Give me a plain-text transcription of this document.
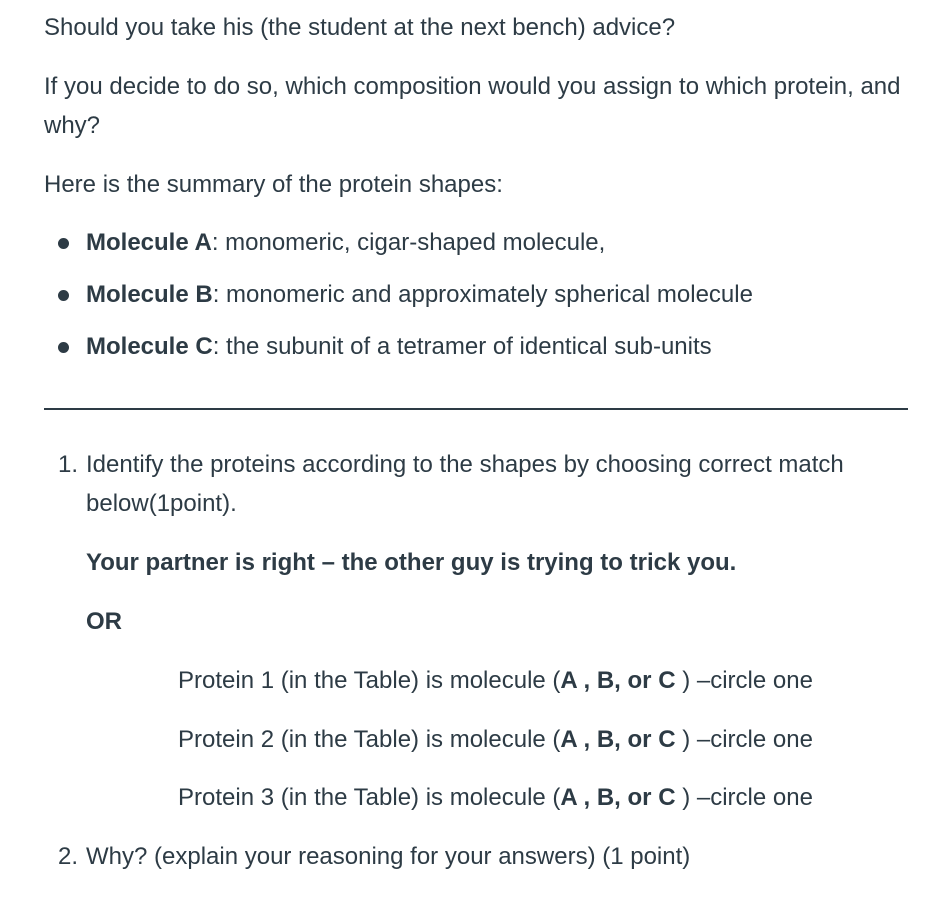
Should you take his (the student at the next bench) advice?

If you decide to do so, which composition would you assign to which protein, and why?

Here is the summary of the protein shapes:

Molecule A: monomeric, cigar-shaped molecule,
Molecule B: monomeric and approximately spherical molecule
Molecule C: the subunit of a tetramer of identical sub-units
1. Identify the proteins according to the shapes by choosing correct match below(1point).

Your partner is right – the other guy is trying to trick you.

OR

Protein 1 (in the Table) is molecule (A , B, or C ) –circle one

Protein 2 (in the Table) is molecule (A , B, or C ) –circle one

Protein 3 (in the Table) is molecule (A , B, or C ) –circle one

2. Why? (explain your reasoning for your answers) (1 point)
